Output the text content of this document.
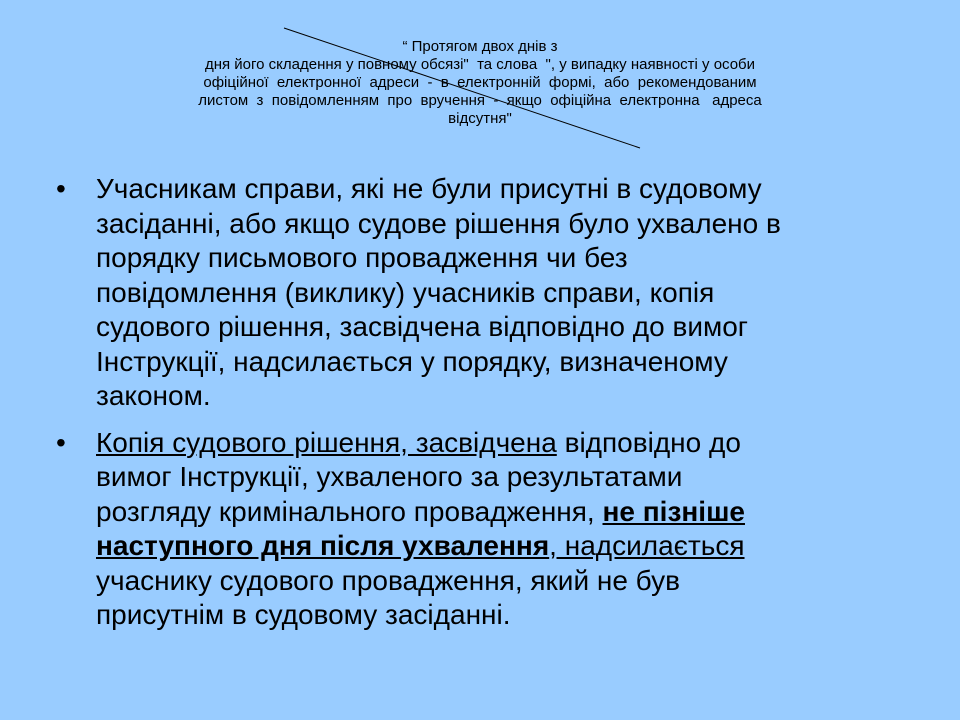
“ Протягом двох днів з
дня його складення у повному обсязі"  та слова  ", у випадку наявності у особи
офіційної  електронної  адреси  -  в  електронній  формі,  або  рекомендованим
листом  з  повідомленням  про  вручення  -  якщо  офіційна  електронна   адреса
відсутня"
• Учасникам справи, які не були присутні в судовому
засіданні, або якщо судове рішення було ухвалено в
порядку письмового провадження чи без
повідомлення (виклику) учасників справи, копія
судового рішення, засвідчена відповідно до вимог
Інструкції, надсилається у порядку, визначеному
законом.
• Копія судового рішення, засвідчена відповідно до
вимог Інструкції, ухваленого за результатами
розгляду кримінального провадження, не пізніше
наступного дня після ухвалення, надсилається
учаснику судового провадження, який не був
присутнім в судовому засіданні.
